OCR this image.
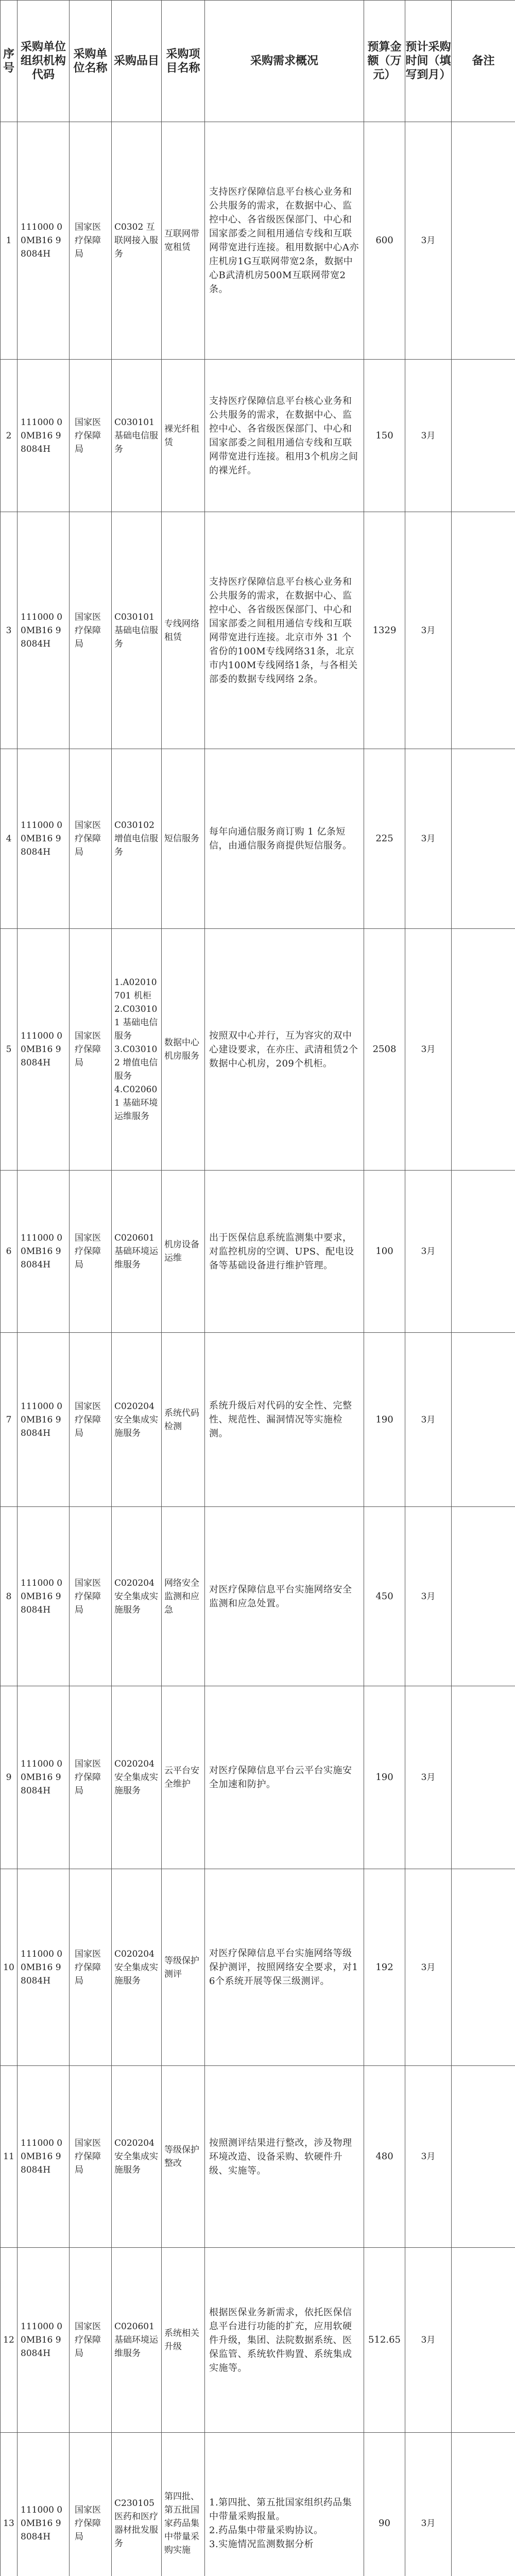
序号	采购单位组织机构代码	采购单位名称	采购品目	采购项目名称	采购需求概况	预算金额（万元）	预计采购时间（填写到月）	备注
1	111000 00MB16 98084H	国家医疗保障局	C0302 互联网接入服务	互联网带宽租赁	支持医疗保障信息平台核心业务和公共服务的需求，在数据中心、监控中心、各省级医保部门、中心和国家部委之间租用通信专线和互联网带宽进行连接。租用数据中心A亦庄机房1G互联网带宽2条，数据中心B武清机房500M互联网带宽2条。	600	3月	
2	111000 00MB16 98084H	国家医疗保障局	C030101 基础电信服务	裸光纤租赁	支持医疗保障信息平台核心业务和公共服务的需求，在数据中心、监控中心、各省级医保部门、中心和国家部委之间租用通信专线和互联网带宽进行连接。租用3个机房之间的裸光纤。	150	3月	
3	111000 00MB16 98084H	国家医疗保障局	C030101 基础电信服务	专线网络租赁	支持医疗保障信息平台核心业务和公共服务的需求，在数据中心、监控中心、各省级医保部门、中心和国家部委之间租用通信专线和互联网带宽进行连接。北京市外 31 个省份的100M专线网络31条，北京市内100M专线网络1条，与各相关部委的数据专线网络 2条。	1329	3月	
4	111000 00MB16 98084H	国家医疗保障局	C030102 增值电信服务	短信服务	每年向通信服务商订购 1 亿条短信，由通信服务商提供短信服务。	225	3月	
5	111000 00MB16 98084H	国家医疗保障局	1.A02010701 机柜
2.C030101 基础电信服务
3.C030102 增值电信服务
4.C020601 基础环境运维服务	数据中心机房服务	按照双中心并行，互为容灾的双中心建设要求，在亦庄、武清租赁2个数据中心机房，209个机柜。	2508	3月	
6	111000 00MB16 98084H	国家医疗保障局	C020601 基础环境运维服务	机房设备运维	出于医保信息系统监测集中要求，对监控机房的空调、UPS、配电设备等基础设备进行维护管理。	100	3月	
7	111000 00MB16 98084H	国家医疗保障局	C020204 安全集成实施服务	系统代码检测	系统升级后对代码的安全性、完整性、规范性、漏洞情况等实施检测。	190	3月	
8	111000 00MB16 98084H	国家医疗保障局	C020204 安全集成实施服务	网络安全监测和应急	对医疗保障信息平台实施网络安全监测和应急处置。	450	3月	
9	111000 00MB16 98084H	国家医疗保障局	C020204 安全集成实施服务	云平台安全维护	对医疗保障信息平台云平台实施安全加速和防护。	190	3月	
10	111000 00MB16 98084H	国家医疗保障局	C020204 安全集成实施服务	等级保护测评	对医疗保障信息平台实施网络等级保护测评，按照网络安全要求，对16个系统开展等保三级测评。	192	3月	
11	111000 00MB16 98084H	国家医疗保障局	C020204 安全集成实施服务	等级保护整改	按照测评结果进行整改，涉及物理环境改造、设备采购、软硬件升级、实施等。	480	3月	
12	111000 00MB16 98084H	国家医疗保障局	C020601 基础环境运维服务	系统相关升级	根据医保业务新需求，依托医保信息平台进行功能的扩充，应用软硬件升级，集团、法院数据系统、医保监管、系统软件购置、系统集成实施等。	512.65	3月	
13	111000 00MB16 98084H	国家医疗保障局	C230105 医药和医疗器材批发服务	第四批、第五批国家药品集中带量采购实施	1.第四批、第五批国家组织药品集中带量采购报量。
2.药品集中带量采购协议。
3.实施情况监测数据分析	90	3月	
